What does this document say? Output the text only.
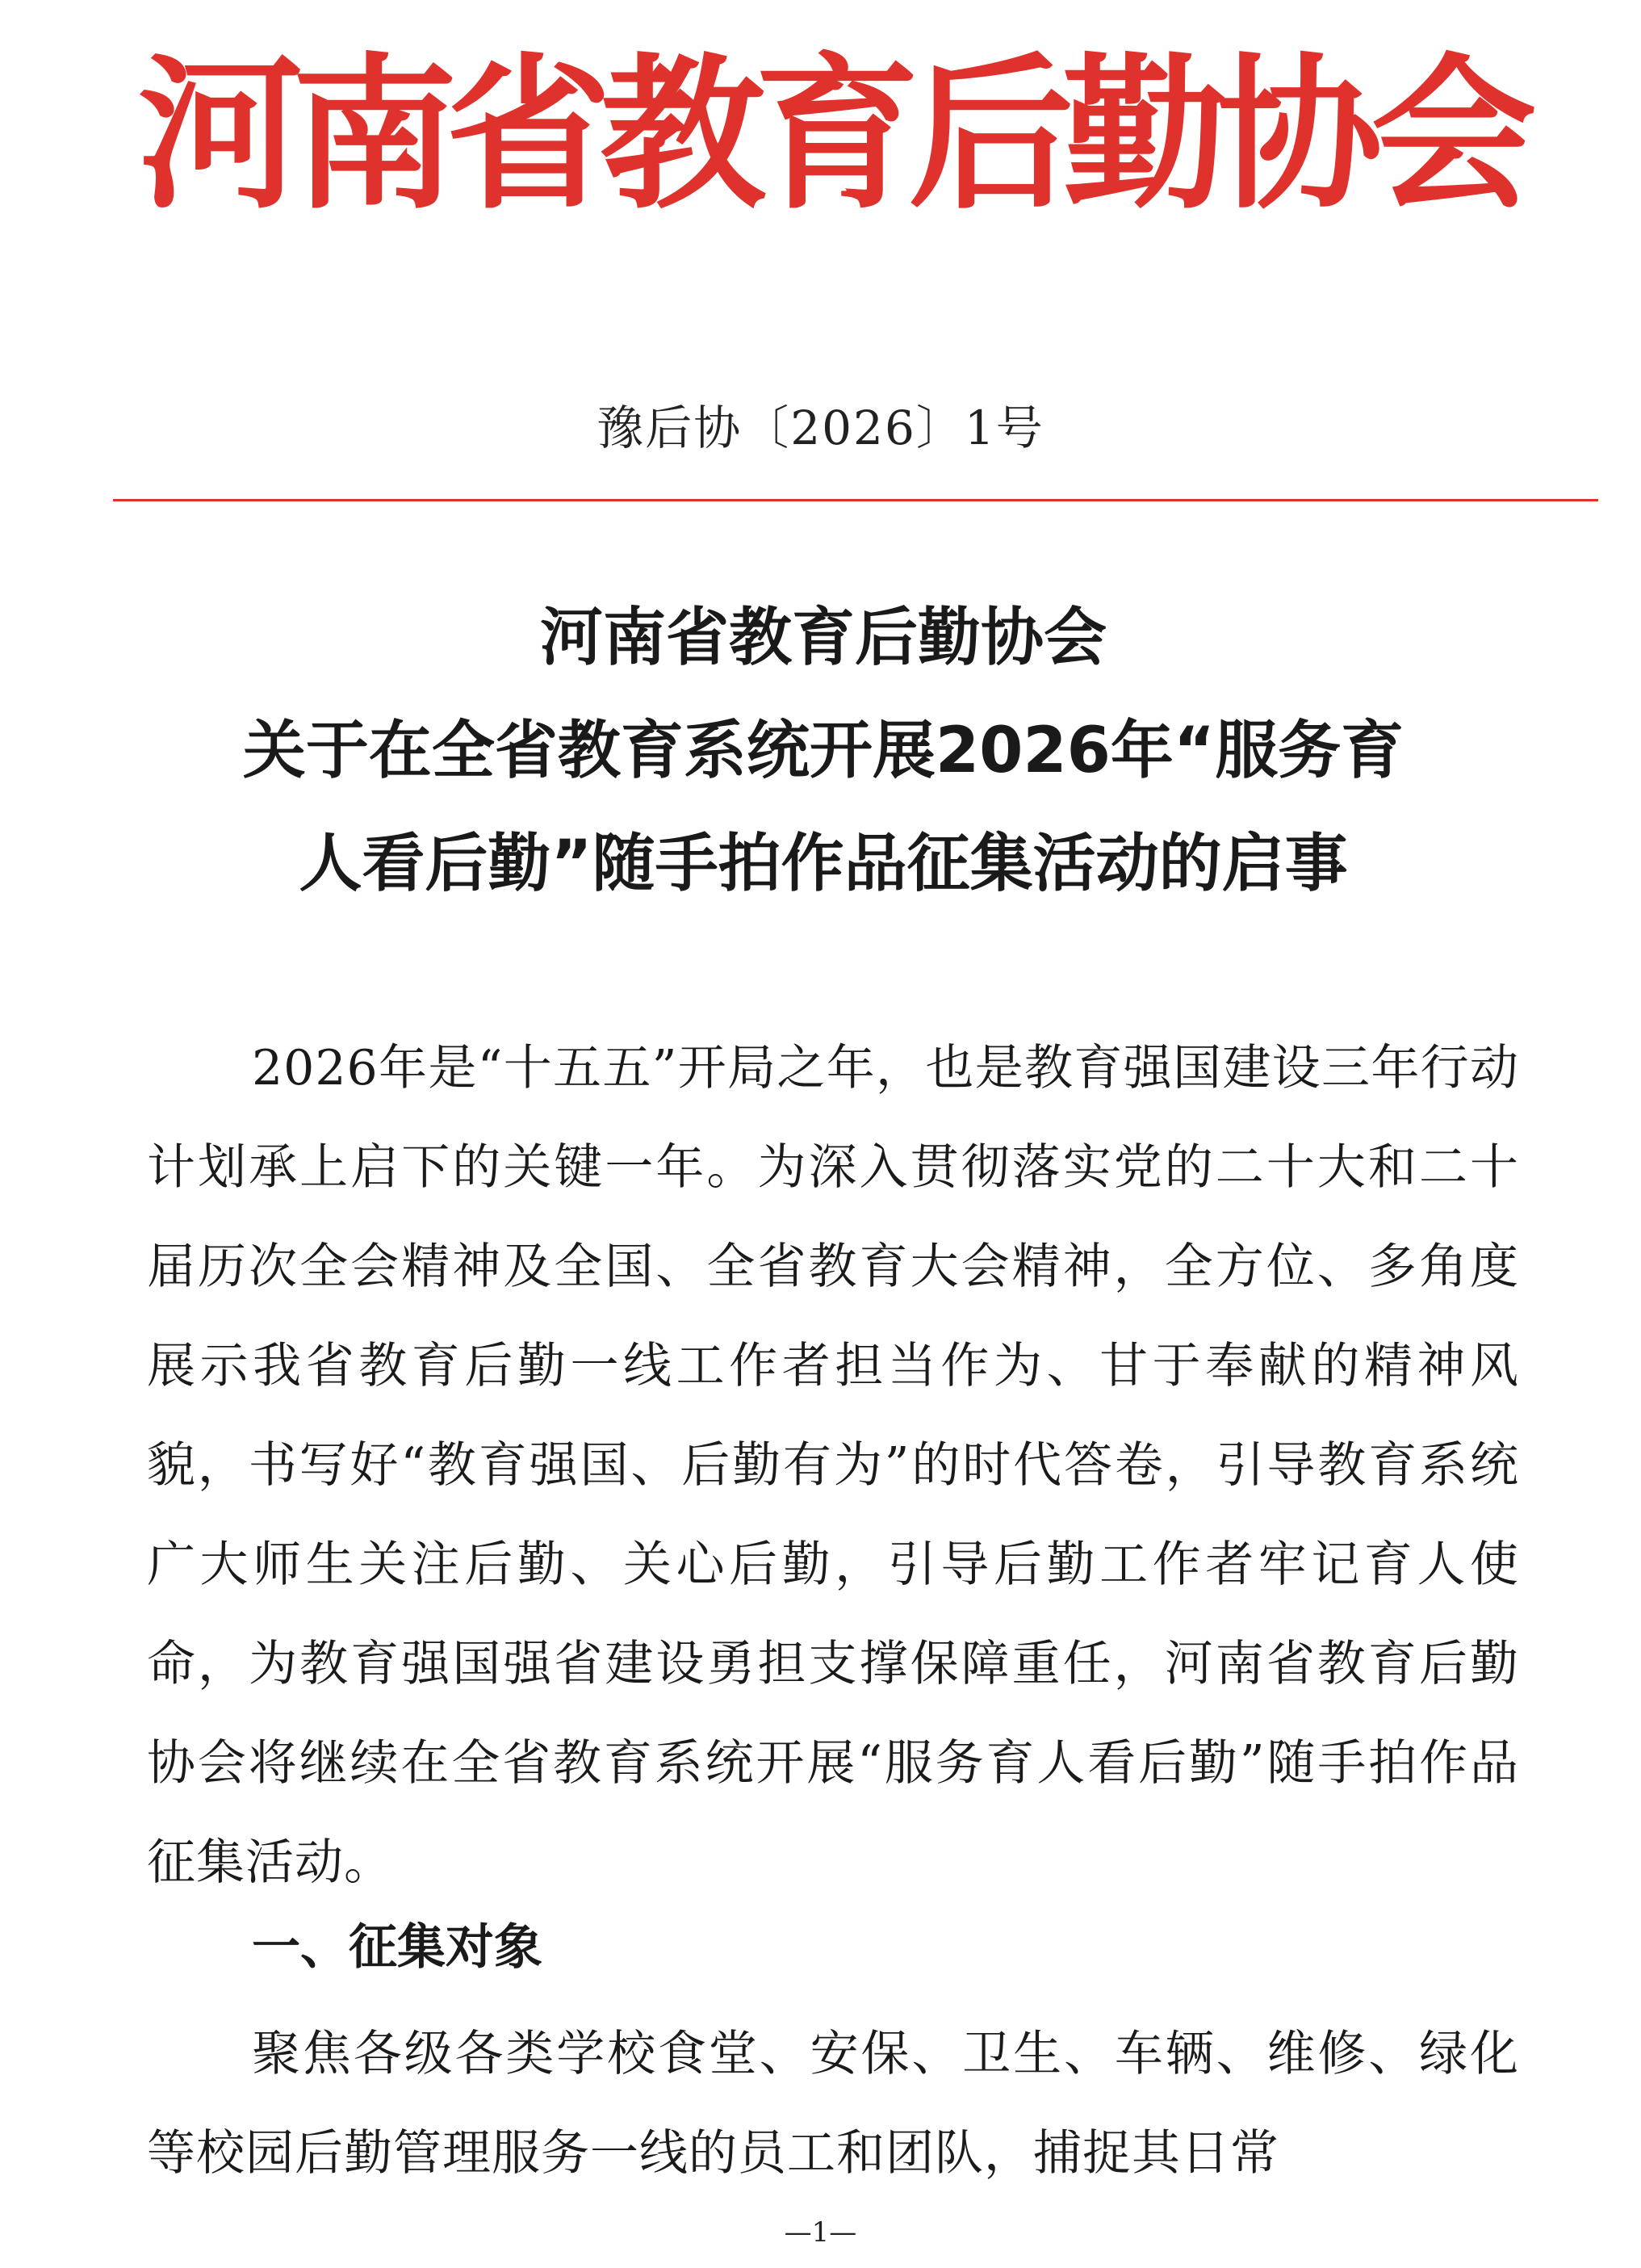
河南省教育后勤协会
豫后协〔2026〕1号
河南省教育后勤协会
关于在全省教育系统开展2026年“服务育
人看后勤”随手拍作品征集活动的启事
2026年是“十五五”开局之年，也是教育强国建设三年行动计划承上启下的关键一年。为深入贯彻落实党的二十大和二十届历次全会精神及全国、全省教育大会精神，全方位、多角度展示我省教育后勤一线工作者担当作为、甘于奉献的精神风貌，书写好“教育强国、后勤有为”的时代答卷，引导教育系统广大师生关注后勤、关心后勤，引导后勤工作者牢记育人使命，为教育强国强省建设勇担支撑保障重任，河南省教育后勤协会将继续在全省教育系统开展“服务育人看后勤”随手拍作品征集活动。
一、征集对象
聚焦各级各类学校食堂、安保、卫生、车辆、维修、绿化等校园后勤管理服务一线的员工和团队，捕捉其日常
—1—
